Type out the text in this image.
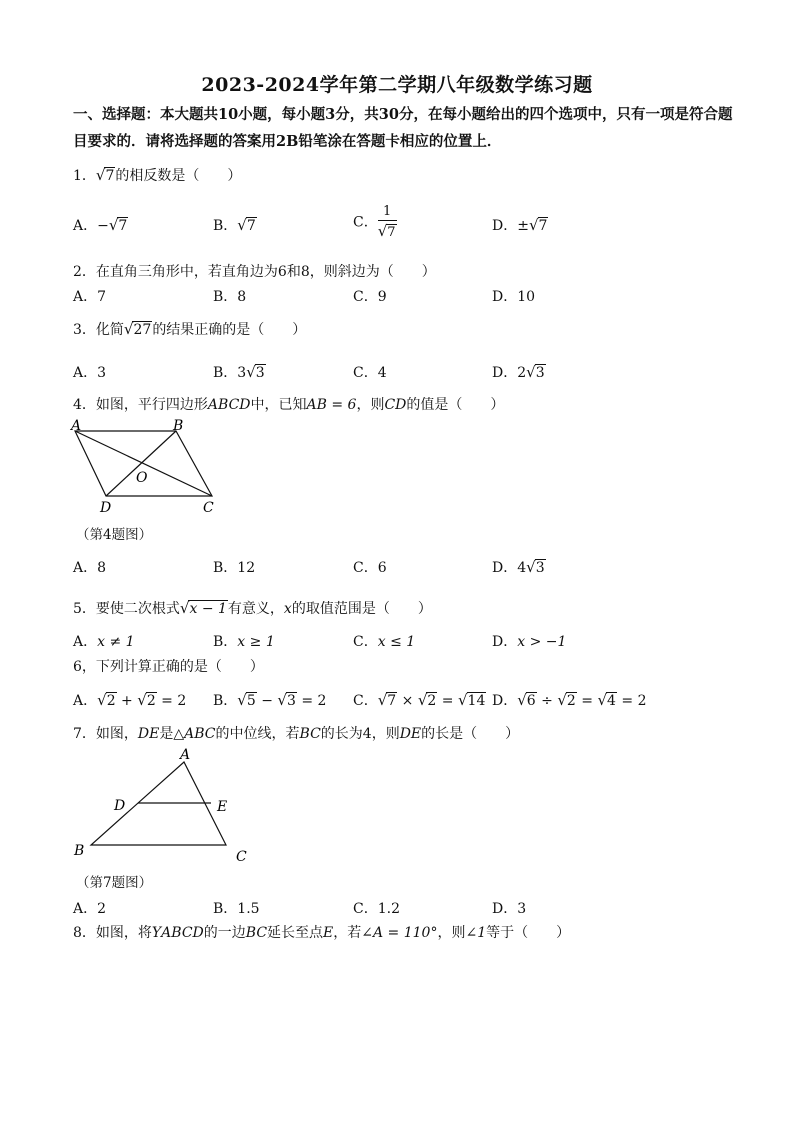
2023-2024学年第二学期八年级数学练习题
一、选择题：本大题共10小题，每小题3分，共30分，在每小题给出的四个选项中，只有一项是符合题目要求的．请将选择题的答案用2B铅笔涂在答题卡相应的位置上．
1．√7的相反数是（　　）
A．−√7	B．√7	C． $\frac{1}{√7}$	D．±√7
2．在直角三角形中，若直角边为6和8，则斜边为（　　）
A．7	B．8	C．9	D．10
3．化简√27的结果正确的是（　　）
A．3	B．3√3	C．4	D．2√3
4．如图，平行四边形ABCD中，已知AB = 6，则CD的值是（　　）
A	B
C
D
O
（第4题图）
A．8	B．12	C．6	D．4√3
5．要使二次根式√x − 1有意义，x的取值范围是（　　）
A．x ≠ 1	B．x ≥ 1	C．x ≤ 1	D．x > −1
6，下列计算正确的是（　　）
A．√2 + √2 = 2 B．√5 − √3 = 2 C．√7 × √2 = √14 D．√6 ÷ √2 = √4 = 2
7．如图，DE是△ABC的中位线，若BC的长为4，则DE的长是（　　）
A
B	C
D	E
（第7题图）
A．2	B．1.5	C．1.2	D．3
8．如图，将ΥABCD的一边BC延长至点E，若∠A = 110°，则∠1等于（　　）
